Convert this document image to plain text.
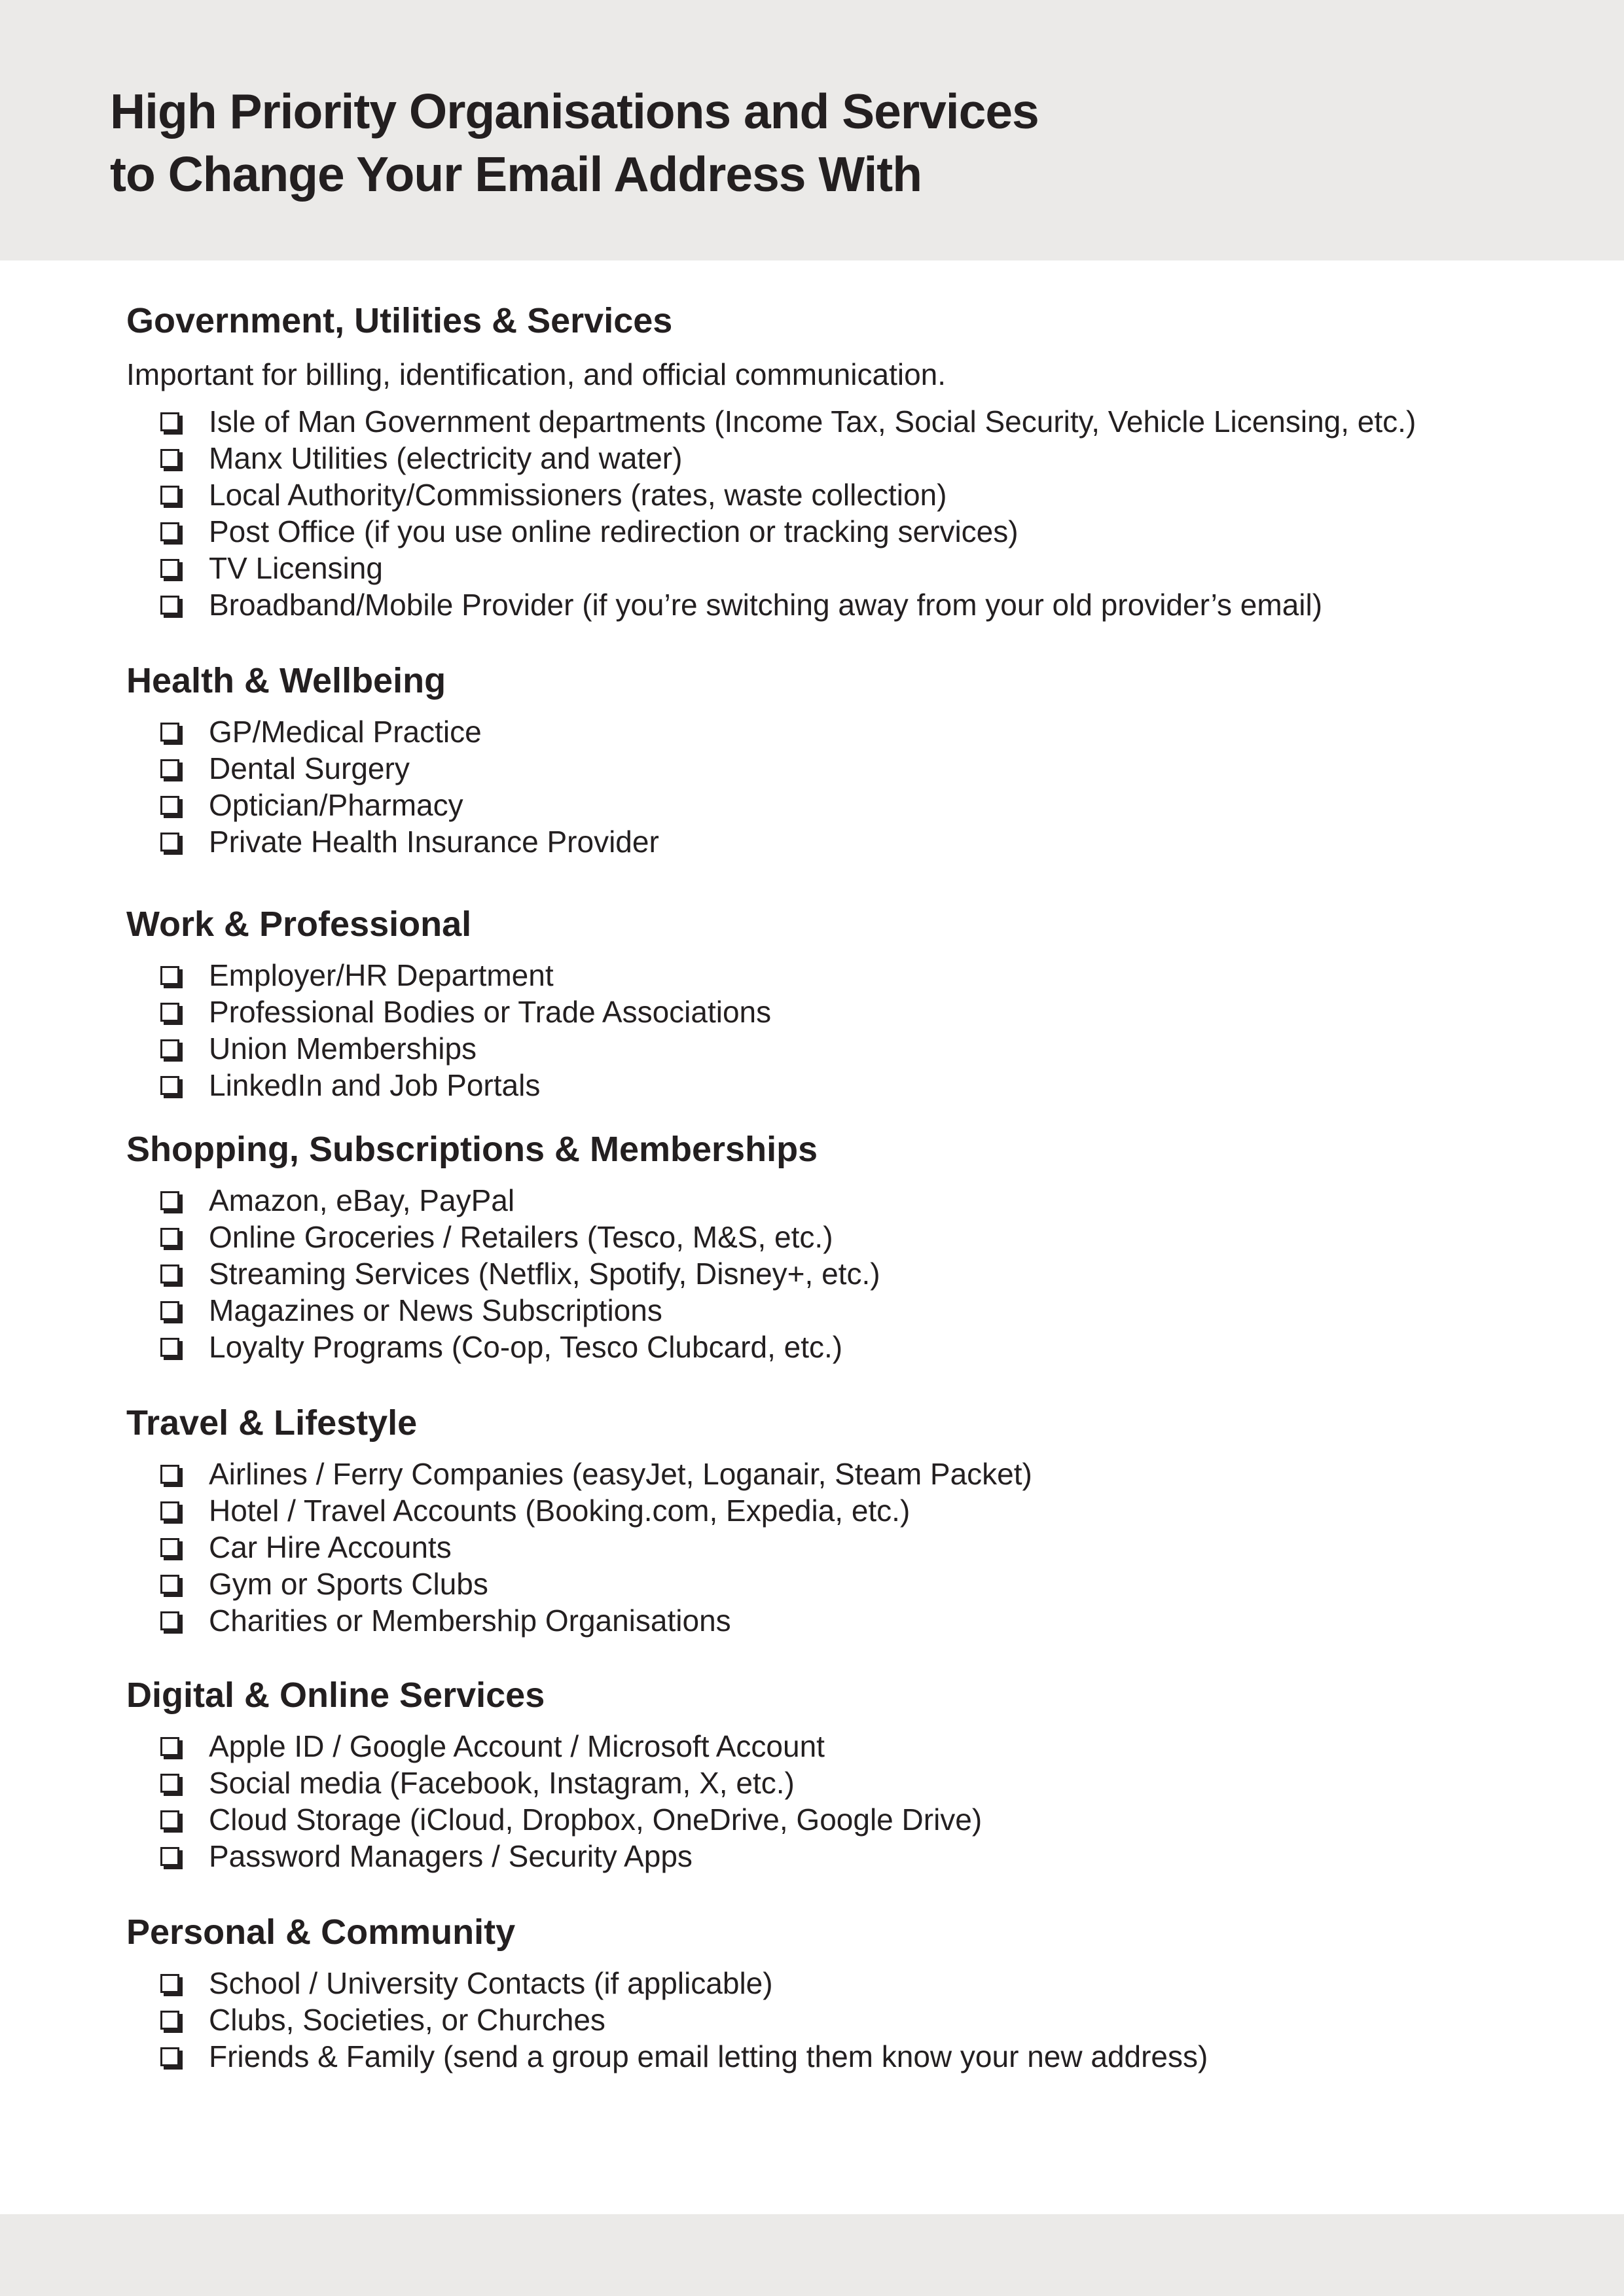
High Priority Organisations and Services
to Change Your Email Address With
Government, Utilities & Services

Important for billing, identification, and official communication.

Isle of Man Government departments (Income Tax, Social Security, Vehicle Licensing, etc.)
Manx Utilities (electricity and water)
Local Authority/Commissioners (rates, waste collection)
Post Office (if you use online redirection or tracking services)
TV Licensing
Broadband/Mobile Provider (if you’re switching away from your old provider’s email)
Health & Wellbeing
GP/Medical Practice
Dental Surgery
Optician/Pharmacy
Private Health Insurance Provider
Work & Professional
Employer/HR Department
Professional Bodies or Trade Associations
Union Memberships
LinkedIn and Job Portals
Shopping, Subscriptions & Memberships
Amazon, eBay, PayPal
Online Groceries / Retailers (Tesco, M&S, etc.)
Streaming Services (Netflix, Spotify, Disney+, etc.)
Magazines or News Subscriptions
Loyalty Programs (Co-op, Tesco Clubcard, etc.)
Travel & Lifestyle
Airlines / Ferry Companies (easyJet, Loganair, Steam Packet)
Hotel / Travel Accounts (Booking.com, Expedia, etc.)
Car Hire Accounts
Gym or Sports Clubs
Charities or Membership Organisations
Digital & Online Services
Apple ID / Google Account / Microsoft Account
Social media (Facebook, Instagram, X, etc.)
Cloud Storage (iCloud, Dropbox, OneDrive, Google Drive)
Password Managers / Security Apps
Personal & Community
School / University Contacts (if applicable)
Clubs, Societies, or Churches
Friends & Family (send a group email letting them know your new address)
